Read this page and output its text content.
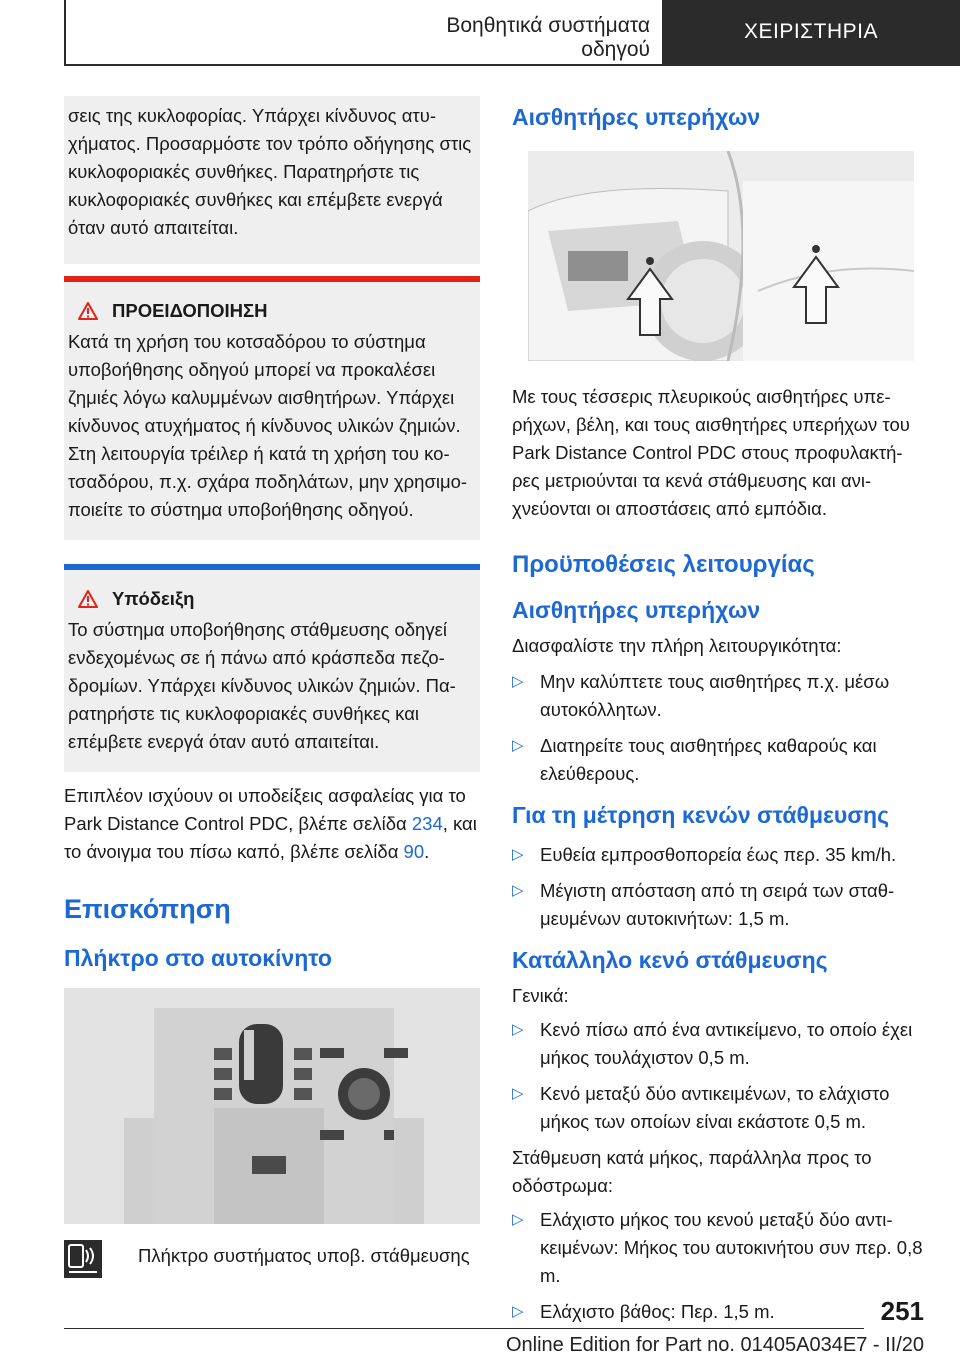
Βοηθητικά συστήματα οδηγού
ΧΕΙΡΙΣΤΗΡΙΑ
σεις της κυκλοφορίας. Υπάρχει κίνδυνος ατυ-χήματος. Προσαρμόστε τον τρόπο οδήγησης στις κυκλοφοριακές συνθήκες. Παρατηρήστε τις κυκλοφοριακές συνθήκες και επέμβετε ενεργά όταν αυτό απαιτείται.
ΠΡΟΕΙΔΟΠΟΙΗΣΗ
Κατά τη χρήση του κοτσαδόρου το σύστημα υποβοήθησης οδηγού μπορεί να προκαλέσει ζημιές λόγω καλυμμένων αισθητήρων. Υπάρχει κίνδυνος ατυχήματος ή κίνδυνος υλικών ζημιών. Στη λειτουργία τρέιλερ ή κατά τη χρήση του κο-τσαδόρου, π.χ. σχάρα ποδηλάτων, μην χρησιμο-ποιείτε το σύστημα υποβοήθησης οδηγού.
Υπόδειξη
Το σύστημα υποβοήθησης στάθμευσης οδηγεί ενδεχομένως σε ή πάνω από κράσπεδα πεζο-δρομίων. Υπάρχει κίνδυνος υλικών ζημιών. Πα-ρατηρήστε τις κυκλοφοριακές συνθήκες και επέμβετε ενεργά όταν αυτό απαιτείται.

Επιπλέον ισχύουν οι υποδείξεις ασφαλείας για το Park Distance Control PDC, βλέπε σελίδα 234, και το άνοιγμα του πίσω καπό, βλέπε σελίδα 90.

Επισκόπηση
Πλήκτρο στο αυτοκίνητο
Πλήκτρο συστήματος υποβ. στάθμευσης
Αισθητήρες υπερήχων

Με τους τέσσερις πλευρικούς αισθητήρες υπε-ρήχων, βέλη, και τους αισθητήρες υπερήχων του Park Distance Control PDC στους προφυλακτή-ρες μετριούνται τα κενά στάθμευσης και ανι-χνεύονται οι αποστάσεις από εμπόδια.

Προϋποθέσεις λειτουργίας
Αισθητήρες υπερήχων

Διασφαλίστε την πλήρη λειτουργικότητα:

▷ Μην καλύπτετε τους αισθητήρες π.χ. μέσω αυτοκόλλητων.
▷ Διατηρείτε τους αισθητήρες καθαρούς και ελεύθερους.
Για τη μέτρηση κενών στάθμευσης
▷ Ευθεία εμπροσθοπορεία έως περ. 35 km/h.
▷ Μέγιστη απόσταση από τη σειρά των σταθ-μευμένων αυτοκινήτων: 1,5 m.
Κατάλληλο κενό στάθμευσης

Γενικά:

▷ Κενό πίσω από ένα αντικείμενο, το οποίο έχει μήκος τουλάχιστον 0,5 m.
▷ Κενό μεταξύ δύο αντικειμένων, το ελάχιστο μήκος των οποίων είναι εκάστοτε 0,5 m.

Στάθμευση κατά μήκος, παράλληλα προς το οδόστρωμα:

▷ Ελάχιστο μήκος του κενού μεταξύ δύο αντι-κειμένων: Μήκος του αυτοκινήτου συν περ. 0,8 m.
▷ Ελάχιστο βάθος: Περ. 1,5 m.	251
Online Edition for Part no. 01405A034E7 - II/20
